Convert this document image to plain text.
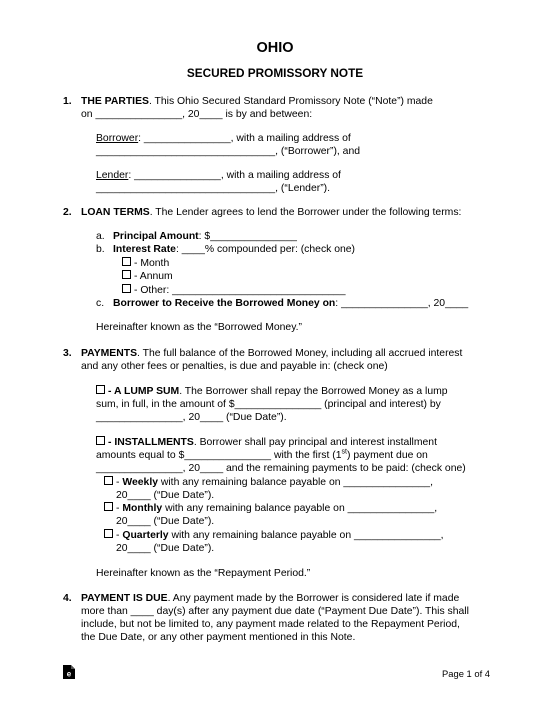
OHIO
SECURED PROMISSORY NOTE
1. THE PARTIES. This Ohio Secured Standard Promissory Note (“Note”) made
on _______________, 20____ is by and between:
Borrower: _______________, with a mailing address of
_______________________________, (“Borrower”), and
Lender: _______________, with a mailing address of
_______________________________, (“Lender”).
2. LOAN TERMS. The Lender agrees to lend the Borrower under the following terms:
a. Principal Amount: $_______________
b. Interest Rate: ____% compounded per: (check one)
- Month
- Annum
- Other: ______________________________
c. Borrower to Receive the Borrowed Money on: _______________, 20____
Hereinafter known as the “Borrowed Money.”
3. PAYMENTS. The full balance of the Borrowed Money, including all accrued interest
and any other fees or penalties, is due and payable in: (check one)
- A LUMP SUM. The Borrower shall repay the Borrowed Money as a lump
sum, in full, in the amount of $_______________ (principal and interest) by
_______________, 20____ (“Due Date”).
- INSTALLMENTS. Borrower shall pay principal and interest installment
amounts equal to $_______________ with the first (1st) payment due on
_______________, 20____ and the remaining payments to be paid: (check one)
- Weekly with any remaining balance payable on _______________,
20____ (“Due Date”).
- Monthly with any remaining balance payable on _______________,
20____ (“Due Date”).
- Quarterly with any remaining balance payable on _______________,
20____ (“Due Date”).
Hereinafter known as the “Repayment Period.”
4. PAYMENT IS DUE. Any payment made by the Borrower is considered late if made
more than ____ day(s) after any payment due date (“Payment Due Date”). This shall
include, but not be limited to, any payment made related to the Repayment Period,
the Due Date, or any other payment mentioned in this Note.
e	Page 1 of 4
